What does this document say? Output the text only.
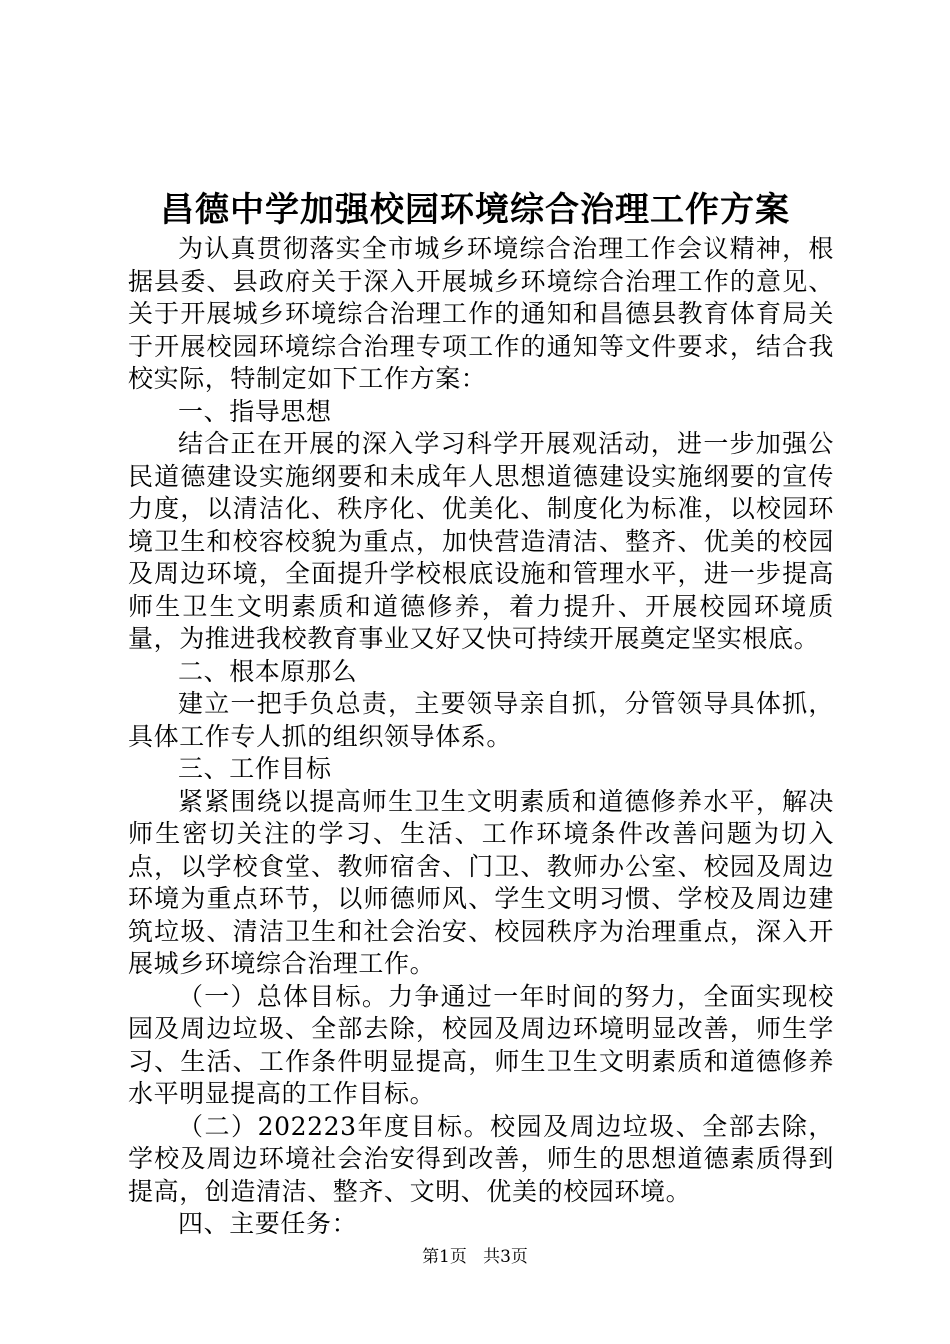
昌德中学加强校园环境综合治理工作方案

为认真贯彻落实全市城乡环境综合治理工作会议精神，根据县委、县政府关于深入开展城乡环境综合治理工作的意见、关于开展城乡环境综合治理工作的通知和昌德县教育体育局关于开展校园环境综合治理专项工作的通知等文件要求，结合我校实际，特制定如下工作方案：

一、指导思想

结合正在开展的深入学习科学开展观活动，进一步加强公民道德建设实施纲要和未成年人思想道德建设实施纲要的宣传力度，以清洁化、秩序化、优美化、制度化为标准，以校园环境卫生和校容校貌为重点，加快营造清洁、整齐、优美的校园及周边环境，全面提升学校根底设施和管理水平，进一步提高师生卫生文明素质和道德修养，着力提升、开展校园环境质量，为推进我校教育事业又好又快可持续开展奠定坚实根底。

二、根本原那么

建立一把手负总责，主要领导亲自抓，分管领导具体抓，具体工作专人抓的组织领导体系。

三、工作目标

紧紧围绕以提高师生卫生文明素质和道德修养水平，解决师生密切关注的学习、生活、工作环境条件改善问题为切入点，以学校食堂、教师宿舍、门卫、教师办公室、校园及周边环境为重点环节，以师德师风、学生文明习惯、学校及周边建筑垃圾、清洁卫生和社会治安、校园秩序为治理重点，深入开展城乡环境综合治理工作。

（一）总体目标。力争通过一年时间的努力，全面实现校园及周边垃圾、全部去除，校园及周边环境明显改善，师生学习、生活、工作条件明显提高，师生卫生文明素质和道德修养水平明显提高的工作目标。

（二）202223年度目标。校园及周边垃圾、全部去除，学校及周边环境社会治安得到改善，师生的思想道德素质得到提高，创造清洁、整齐、文明、优美的校园环境。

四、主要任务：

第1页 共3页
